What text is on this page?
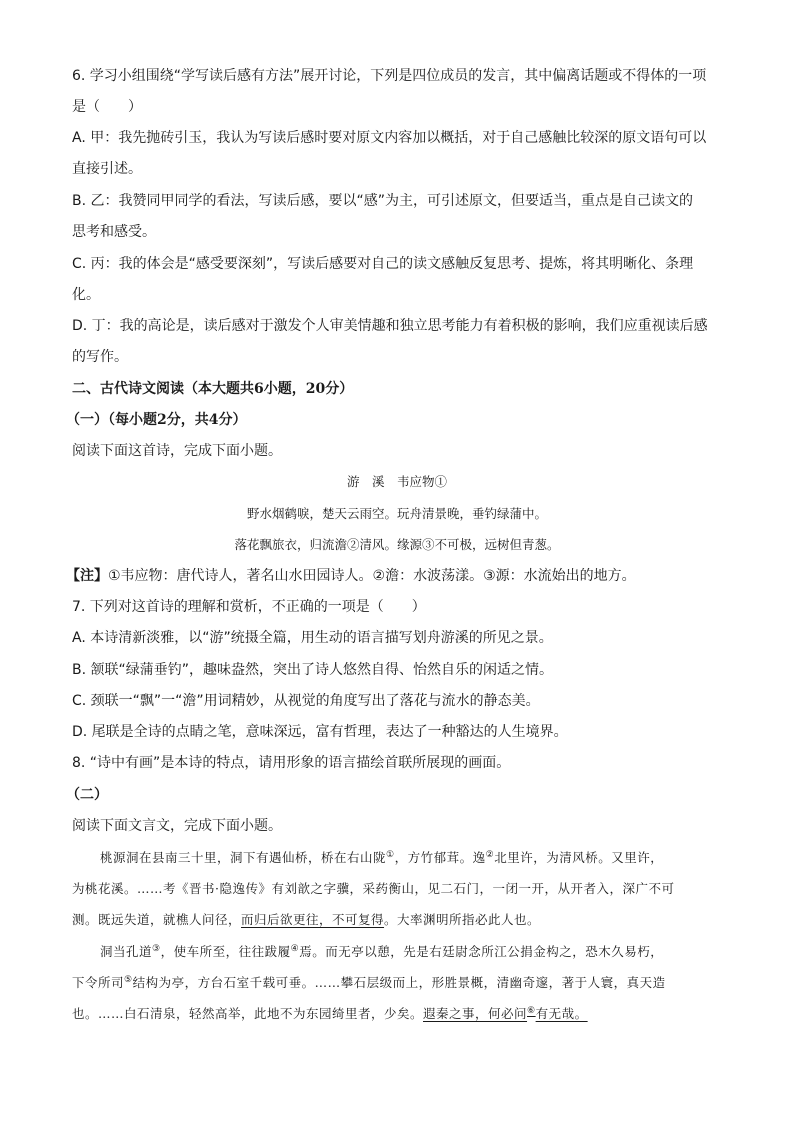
6. 学习小组围绕“学写读后感有方法”展开讨论，下列是四位成员的发言，其中偏离话题或不得体的一项
是（　　）
A. 甲：我先抛砖引玉，我认为写读后感时要对原文内容加以概括，对于自己感触比较深的原文语句可以
直接引述。
B. 乙：我赞同甲同学的看法，写读后感，要以“感”为主，可引述原文，但要适当，重点是自己读文的
思考和感受。
C. 丙：我的体会是“感受要深刻”，写读后感要对自己的读文感触反复思考、提炼，将其明晰化、条理
化。
D. 丁：我的高论是，读后感对于激发个人审美情趣和独立思考能力有着积极的影响，我们应重视读后感
的写作。
二、古代诗文阅读（本大题共6小题，20分）
（一）（每小题2分，共4分）
阅读下面这首诗，完成下面小题。
游　溪　韦应物①
野水烟鹤唳，楚天云雨空。玩舟清景晚，垂钓绿蒲中。
落花飘旅衣，归流澹②清风。缘源③不可极，远树但青葱。
【注】①韦应物：唐代诗人，著名山水田园诗人。②澹：水波荡漾。③源：水流始出的地方。
7. 下列对这首诗的理解和赏析，不正确的一项是（　　）
A. 本诗清新淡雅，以“游”统摄全篇，用生动的语言描写划舟游溪的所见之景。
B. 颔联“绿蒲垂钓”，趣味盎然，突出了诗人悠然自得、怡然自乐的闲适之情。
C. 颈联一“飘”一“澹”用词精妙，从视觉的角度写出了落花与流水的静态美。
D. 尾联是全诗的点睛之笔，意味深远，富有哲理，表达了一种豁达的人生境界。
8. “诗中有画”是本诗的特点，请用形象的语言描绘首联所展现的画面。
（二）
阅读下面文言文，完成下面小题。
桃源洞在县南三十里，洞下有遇仙桥，桥在右山陇①，方竹郁茸。逸②北里许，为清风桥。又里许，
为桃花溪。……考《晋书·隐逸传》有刘歆之字骥，采药衡山，见二石门，一闭一开，从开者入，深广不可
测。既远失道，就樵人问径，而归后欲更往，不可复得。大率渊明所指必此人也。
洞当孔道③，使车所至，往往跋履④焉。而无亭以憩，先是右廷尉念所江公捐金构之，恐木久易朽，
下令所司⑤结构为亭，方台石室千载可垂。……攀石层级而上，形胜景概，清幽奇邃，著于人寰，真天造
也。……白石清泉，轻然高举，此地不为东园绮里者，少矣。遐秦之事，何必问⑥有无哉。
